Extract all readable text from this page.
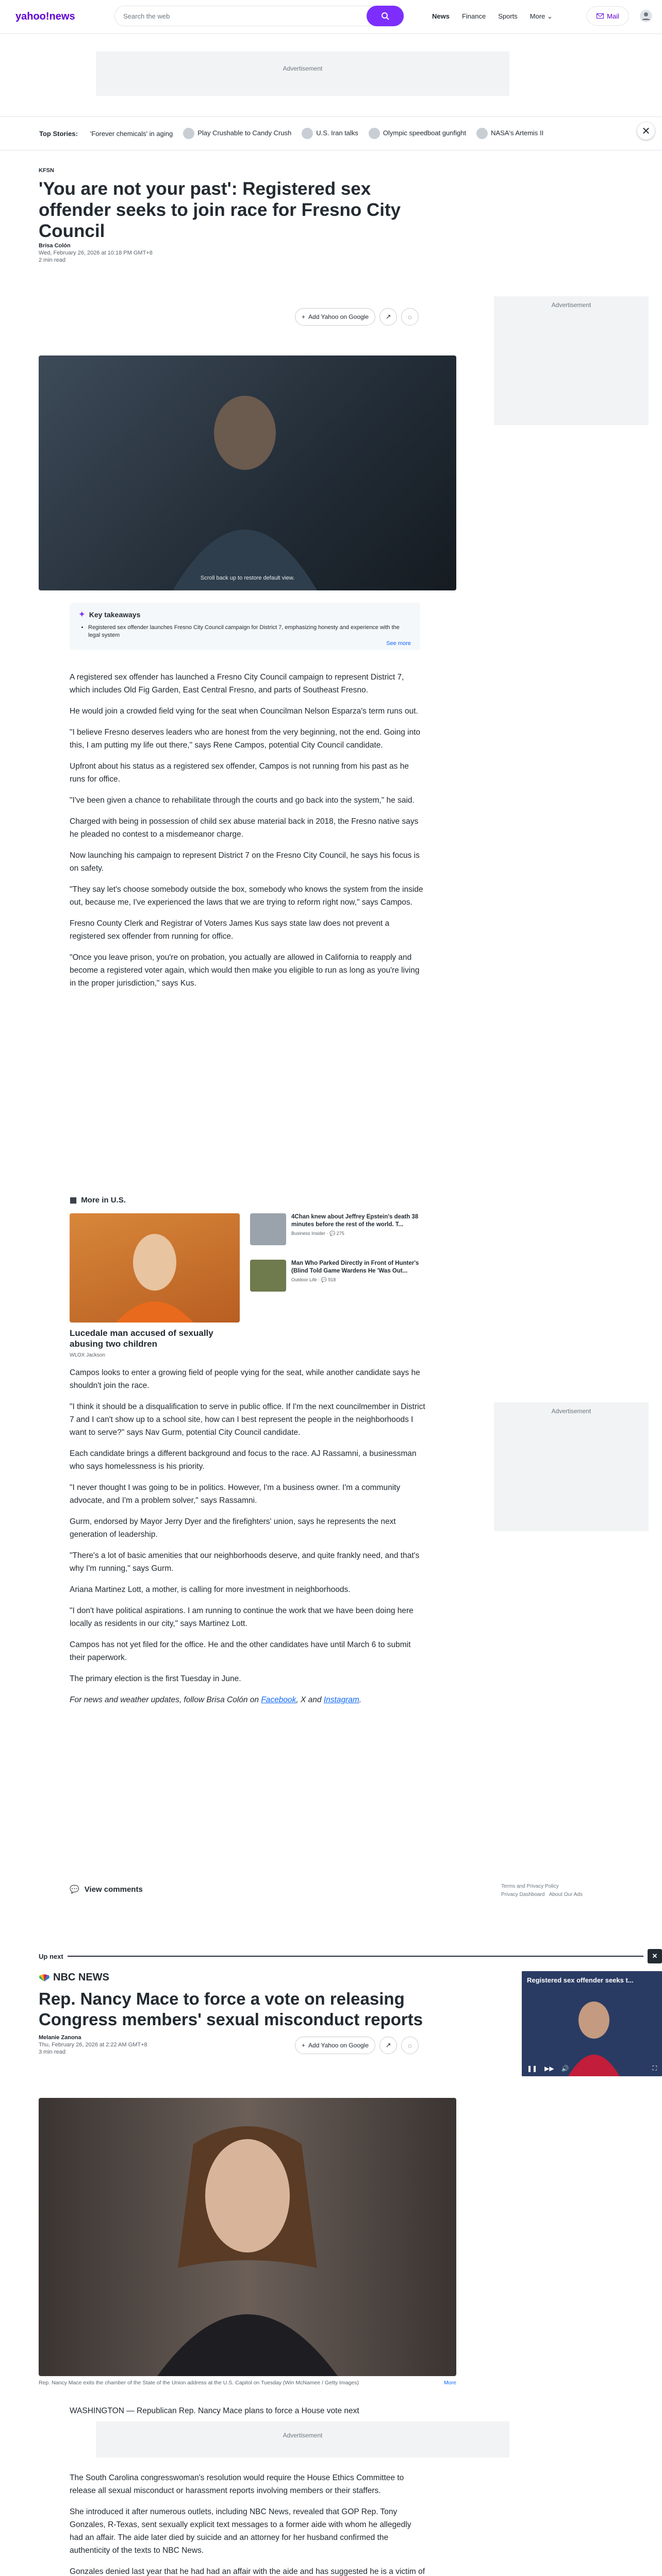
yahoo!news	Search the web	News Finance Sports More ⌄	Mail
Advertisement
Top Stories: 'Forever chemicals' in aging	Play Crushable to Candy Crush	U.S. Iran talks	Olympic speedboat gunfight	NASA's Artemis II	✕
KFSN
'You are not your past': Registered sex offender seeks to join race for Fresno City Council
Brisa Colón
Wed, February 26, 2026 at 10:18 PM GMT+8
2 min read
+ Add Yahoo on Google	↗	◌
Scroll back up to restore default view.
✦ Key takeaways
• Registered sex offender launches Fresno City Council campaign for District 7, emphasizing honesty and experience with the legal system
See more

A registered sex offender has launched a Fresno City Council campaign to represent District 7, which includes Old Fig Garden, East Central Fresno, and parts of Southeast Fresno.

He would join a crowded field vying for the seat when Councilman Nelson Esparza's term runs out.

"I believe Fresno deserves leaders who are honest from the very beginning, not the end. Going into this, I am putting my life out there," says Rene Campos, potential City Council candidate.

Upfront about his status as a registered sex offender, Campos is not running from his past as he runs for office.

"I've been given a chance to rehabilitate through the courts and go back into the system," he said.

Charged with being in possession of child sex abuse material back in 2018, the Fresno native says he pleaded no contest to a misdemeanor charge.

Now launching his campaign to represent District 7 on the Fresno City Council, he says his focus is on safety.

"They say let's choose somebody outside the box, somebody who knows the system from the inside out, because me, I've experienced the laws that we are trying to reform right now," says Campos.

Fresno County Clerk and Registrar of Voters James Kus says state law does not prevent a registered sex offender from running for office.

"Once you leave prison, you're on probation, you actually are allowed in California to reapply and become a registered voter again, which would then make you eligible to run as long as you're living in the proper jurisdiction," says Kus.

▦ More in U.S.
Lucedale man accused of sexually abusing two children
WLOX Jackson
4Chan knew about Jeffrey Epstein's death 38 minutes before the rest of the world. T...
Business Insider · 💬 275
Man Who Parked Directly in Front of Hunter's (Blind Told Game Wardens He 'Was Out...
Outdoor Life · 💬 918

Campos looks to enter a growing field of people vying for the seat, while another candidate says he shouldn't join the race.

"I think it should be a disqualification to serve in public office. If I'm the next councilmember in District 7 and I can't show up to a school site, how can I best represent the people in the neighborhoods I want to serve?" says Nav Gurm, potential City Council candidate.

Each candidate brings a different background and focus to the race. AJ Rassamni, a businessman who says homelessness is his priority.

"I never thought I was going to be in politics. However, I'm a business owner. I'm a community advocate, and I'm a problem solver," says Rassamni.

Gurm, endorsed by Mayor Jerry Dyer and the firefighters' union, says he represents the next generation of leadership.

"There's a lot of basic amenities that our neighborhoods deserve, and quite frankly need, and that's why I'm running," says Gurm.

Ariana Martinez Lott, a mother, is calling for more investment in neighborhoods.

"I don't have political aspirations. I am running to continue the work that we have been doing here locally as residents in our city," says Martinez Lott.

Campos has not yet filed for the office. He and the other candidates have until March 6 to submit their paperwork.

The primary election is the first Tuesday in June.

For news and weather updates, follow Brisa Colón on Facebook, X and Instagram.

💬 View comments
Advertisement
Advertisement
Terms and Privacy Policy
Privacy Dashboard About Our Ads
Up next	✕
Registered sex offender seeks t...
❚❚ ▶▶ 🔊	⛶
NBC NEWS
Rep. Nancy Mace to force a vote on releasing Congress members' sexual misconduct reports
Melanie Zanona
Thu, February 26, 2026 at 2:22 AM GMT+8
3 min read
+ Add Yahoo on Google	↗	◌
Rep. Nancy Mace exits the chamber of the State of the Union address at the U.S. Capitol on Tuesday (Win McNamee / Getty Images)	More

WASHINGTON — Republican Rep. Nancy Mace plans to force a House vote next

Advertisement

The South Carolina congresswoman's resolution would require the House Ethics Committee to release all sexual misconduct or harassment reports involving members or their staffers.

She introduced it after numerous outlets, including NBC News, revealed that GOP Rep. Tony Gonzales, R-Texas, sent sexually explicit text messages to a former aide with whom he allegedly had an affair. The aide later died by suicide and an attorney for her husband confirmed the authenticity of the texts to NBC News.

Gonzales denied last year that he had had an affair with the aide and has suggested he is a victim of
